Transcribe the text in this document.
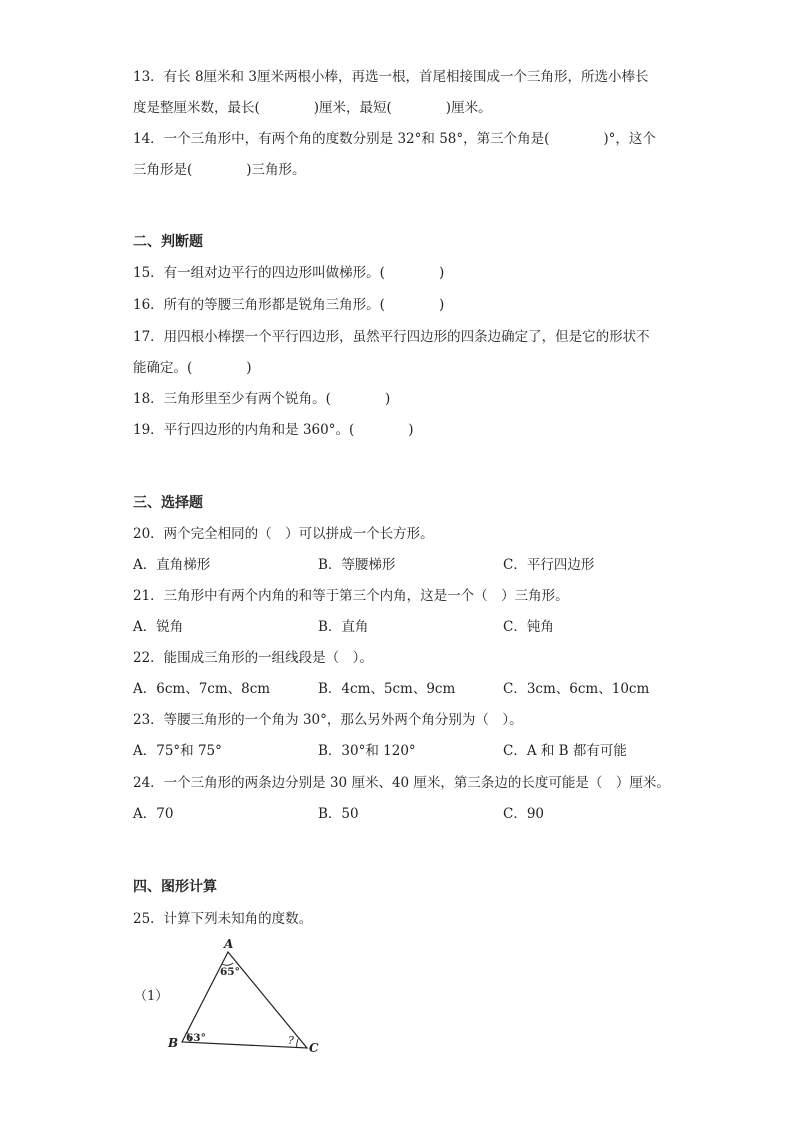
13．有长 8厘米和 3厘米两根小棒，再选一根，首尾相接围成一个三角形，所选小棒长
度是整厘米数，最长(　　　　)厘米，最短(　　　　)厘米。
14．一个三角形中，有两个角的度数分别是 32°和 58°，第三个角是(　　　　)°，这个
三角形是(　　　　)三角形。
二、判断题
15．有一组对边平行的四边形叫做梯形。(　　　　)
16．所有的等腰三角形都是锐角三角形。(　　　　)
17．用四根小棒摆一个平行四边形，虽然平行四边形的四条边确定了，但是它的形状不
能确定。(　　　　)
18．三角形里至少有两个锐角。(　　　　)
19．平行四边形的内角和是 360°。(　　　　)
三、选择题
20．两个完全相同的（　）可以拼成一个长方形。
A．直角梯形	B．等腰梯形	C．平行四边形
21．三角形中有两个内角的和等于第三个内角，这是一个（　）三角形。
A．锐角	B．直角	C．钝角
22．能围成三角形的一组线段是（　）。
A．6cm、7cm、8cm	B．4cm、5cm、9cm	C．3cm、6cm、10cm
23．等腰三角形的一个角为 30°，那么另外两个角分别为（　）。
A．75°和 75°	B．30°和 120°	C．A 和 B 都有可能
24．一个三角形的两条边分别是 30 厘米、40 厘米，第三条边的长度可能是（　）厘米。
A．70	B．50	C．90
四、图形计算
25．计算下列未知角的度数。
（1）
A
B	C
65°
63°	?
